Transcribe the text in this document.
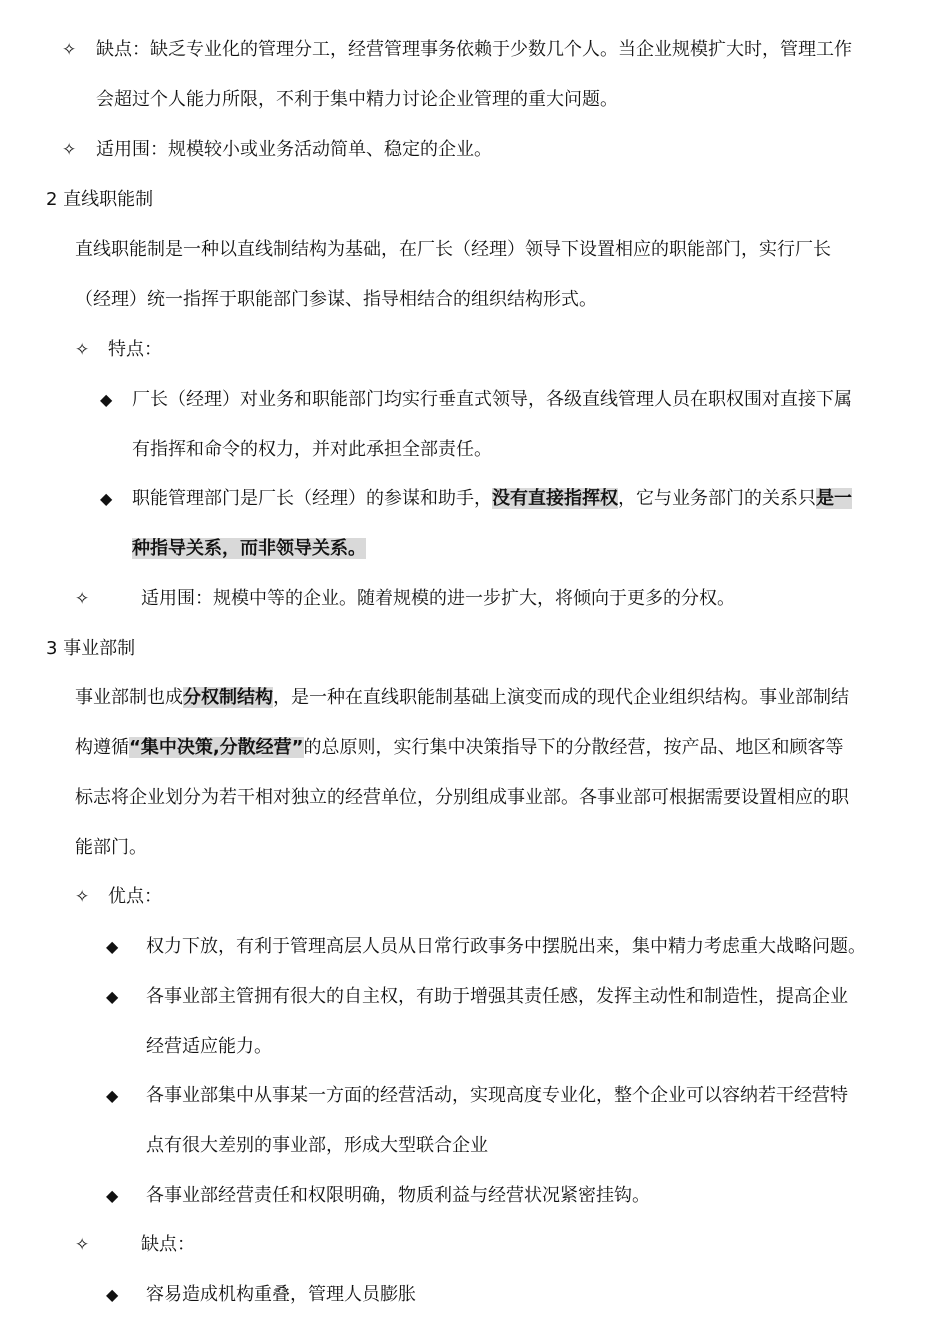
✧ 缺点：缺乏专业化的管理分工，经营管理事务依赖于少数几个人。当企业规模扩大时，管理工作
会超过个人能力所限，不利于集中精力讨论企业管理的重大问题。
✧ 适用围：规模较小或业务活动简单、稳定的企业。
2 直线职能制
直线职能制是一种以直线制结构为基础，在厂长（经理）领导下设置相应的职能部门，实行厂长
（经理）统一指挥于职能部门参谋、指导相结合的组织结构形式。
✧ 特点：
◆ 厂长（经理）对业务和职能部门均实行垂直式领导，各级直线管理人员在职权围对直接下属
有指挥和命令的权力，并对此承担全部责任。
◆ 职能管理部门是厂长（经理）的参谋和助手，没有直接指挥权，它与业务部门的关系只是一
种指导关系，而非领导关系。
✧	适用围：规模中等的企业。随着规模的进一步扩大，将倾向于更多的分权。
3 事业部制
事业部制也成分权制结构，是一种在直线职能制基础上演变而成的现代企业组织结构。事业部制结
构遵循“集中决策,分散经营”的总原则，实行集中决策指导下的分散经营，按产品、地区和顾客等
标志将企业划分为若干相对独立的经营单位，分别组成事业部。各事业部可根据需要设置相应的职
能部门。
✧ 优点：
◆ 权力下放，有利于管理高层人员从日常行政事务中摆脱出来，集中精力考虑重大战略问题。
◆ 各事业部主管拥有很大的自主权，有助于增强其责任感，发挥主动性和制造性，提高企业
经营适应能力。
◆ 各事业部集中从事某一方面的经营活动，实现高度专业化，整个企业可以容纳若干经营特
点有很大差别的事业部，形成大型联合企业
◆ 各事业部经营责任和权限明确，物质利益与经营状况紧密挂钩。
✧	缺点：
◆ 容易造成机构重叠，管理人员膨胀
